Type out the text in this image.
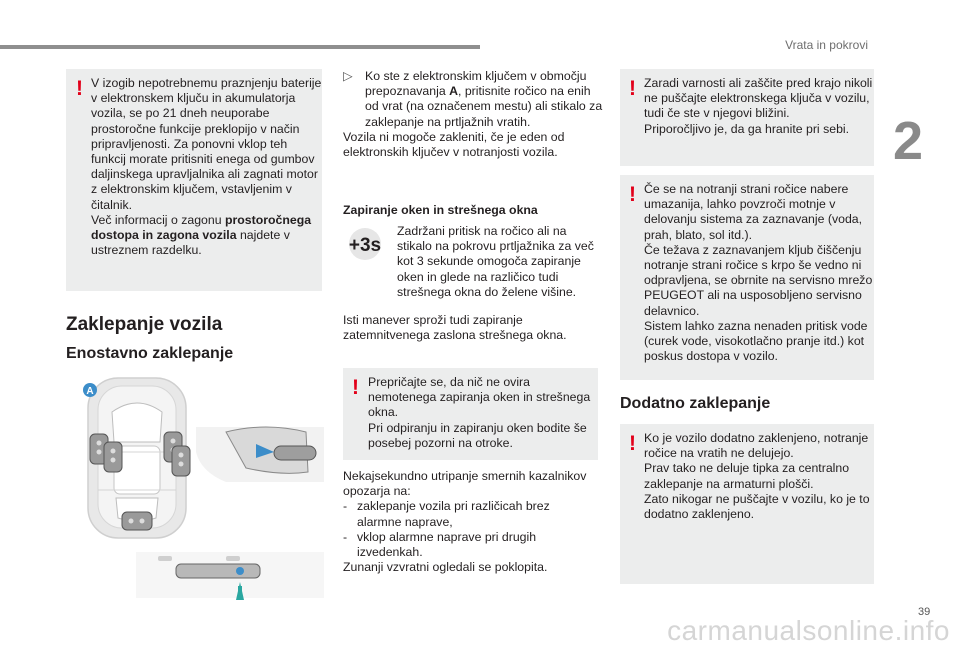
Vrata in pokrovi
2
! V izogib nepotrebnemu praznjenju baterije
v elektronskem ključu in akumulatorja
vozila, se po 21 dneh neuporabe
prostoročne funkcije preklopijo v način
pripravljenosti. Za ponovni vklop teh
funkcij morate pritisniti enega od gumbov
daljinskega upravljalnika ali zagnati motor
z elektronskim ključem, vstavljenim v
čitalnik.
Več informacij o zagonu prostoročnega
dostopa in zagona vozila najdete v
ustreznem razdelku.
Zaklepanje vozila
Enostavno zaklepanje
A
▷ Ko ste z elektronskim ključem v območju
prepoznavanja A, pritisnite ročico na enih
od vrat (na označenem mestu) ali stikalo za
zaklepanje na prtljažnih vratih.
Vozila ni mogoče zakleniti, če je eden od
elektronskih ključev v notranjosti vozila.
Zapiranje oken in strešnega okna
+3s
Zadržani pritisk na ročico ali na
stikalo na pokrovu prtljažnika za več
kot 3 sekunde omogoča zapiranje
oken in glede na različico tudi
strešnega okna do želene višine.
Isti manever sproži tudi zapiranje
zatemnitvenega zaslona strešnega okna.
! Prepričajte se, da nič ne ovira
nemotenega zapiranja oken in strešnega
okna.
Pri odpiranju in zapiranju oken bodite še
posebej pozorni na otroke.
Nekajsekundno utripanje smernih kazalnikov
opozarja na:
- zaklepanje vozila pri različicah brez
alarmne naprave,
- vklop alarmne naprave pri drugih
izvedenkah.
Zunanji vzvratni ogledali se poklopita.
! Zaradi varnosti ali zaščite pred krajo nikoli
ne puščajte elektronskega ključa v vozilu,
tudi če ste v njegovi bližini.
Priporočljivo je, da ga hranite pri sebi.
! Če se na notranji strani ročice nabere
umazanija, lahko povzroči motnje v
delovanju sistema za zaznavanje (voda,
prah, blato, sol itd.).
Če težava z zaznavanjem kljub čiščenju
notranje strani ročice s krpo še vedno ni
odpravljena, se obrnite na servisno mrežo
PEUGEOT ali na usposobljeno servisno
delavnico.
Sistem lahko zazna nenaden pritisk vode
(curek vode, visokotlačno pranje itd.) kot
poskus dostopa v vozilo.
Dodatno zaklepanje
! Ko je vozilo dodatno zaklenjeno, notranje
ročice na vratih ne delujejo.
Prav tako ne deluje tipka za centralno
zaklepanje na armaturni plošči.
Zato nikogar ne puščajte v vozilu, ko je to
dodatno zaklenjeno.
39
carmanualsonline.info
